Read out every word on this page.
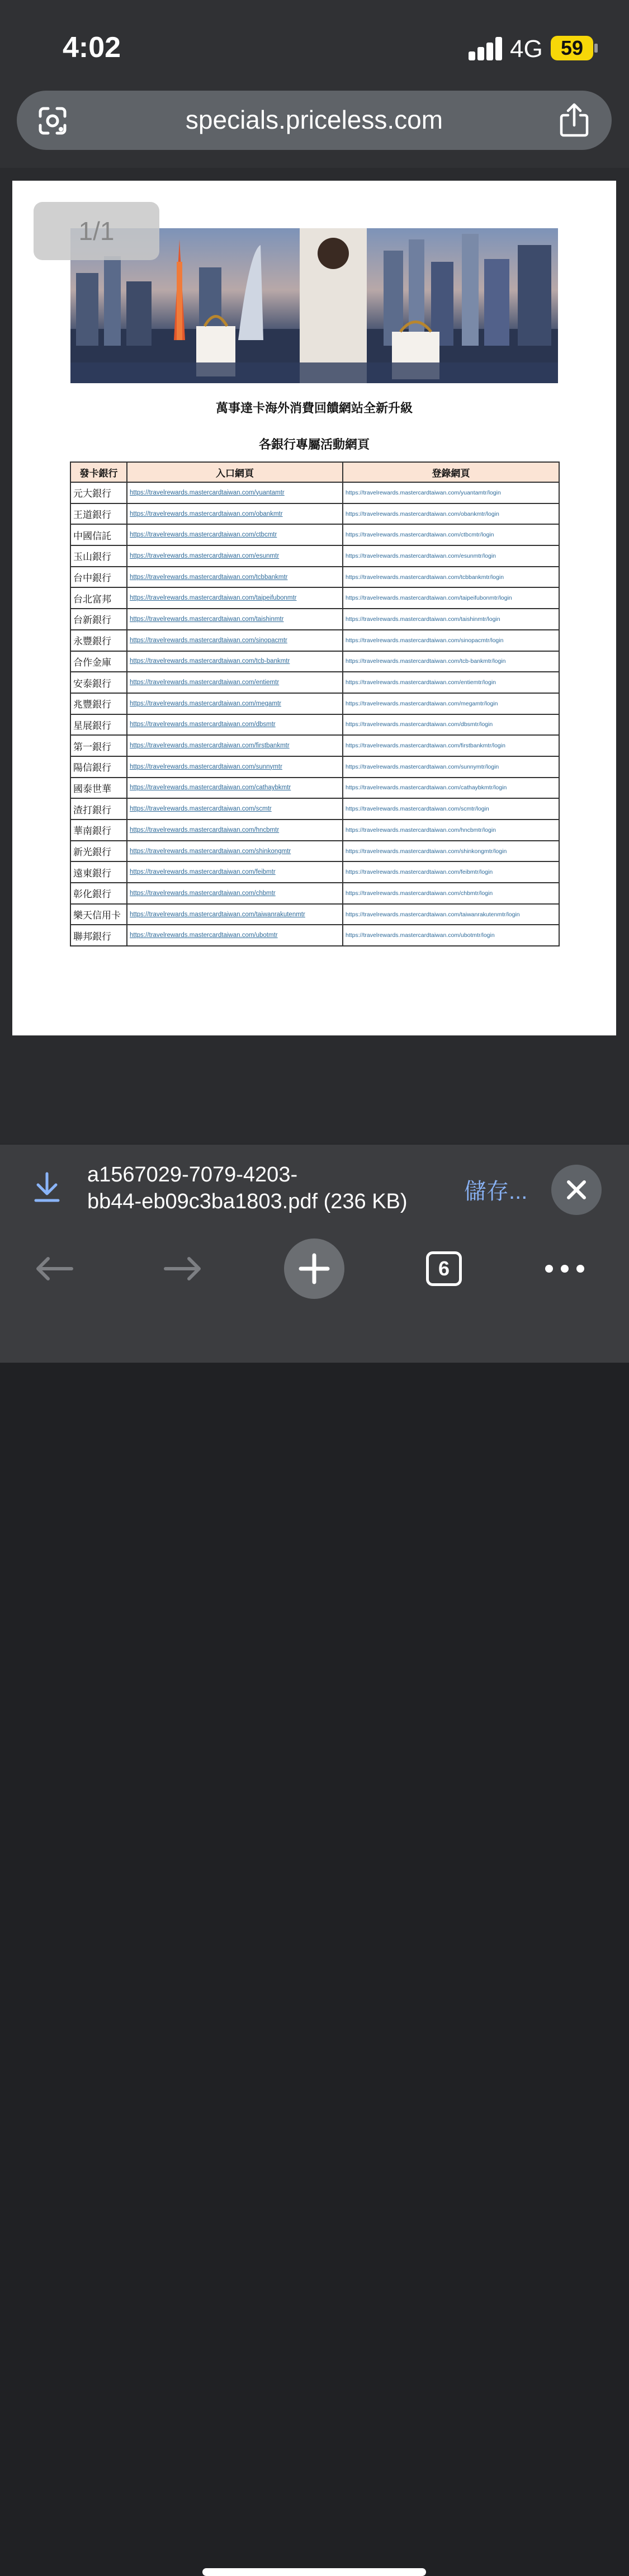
4:02	4G 59
specials.priceless.com
1/1
萬事達卡海外消費回饋網站全新升級
各銀行專屬活動網頁
發卡銀行	入口網頁	登錄網頁
元大銀行	https://travelrewards.mastercardtaiwan.com/yuantamtr	https://travelrewards.mastercardtaiwan.com/yuantamtr/login
王道銀行	https://travelrewards.mastercardtaiwan.com/obankmtr	https://travelrewards.mastercardtaiwan.com/obankmtr/login
中國信託	https://travelrewards.mastercardtaiwan.com/ctbcmtr	https://travelrewards.mastercardtaiwan.com/ctbcmtr/login
玉山銀行	https://travelrewards.mastercardtaiwan.com/esunmtr	https://travelrewards.mastercardtaiwan.com/esunmtr/login
台中銀行	https://travelrewards.mastercardtaiwan.com/tcbbankmtr	https://travelrewards.mastercardtaiwan.com/tcbbankmtr/login
台北富邦	https://travelrewards.mastercardtaiwan.com/taipeifubonmtr	https://travelrewards.mastercardtaiwan.com/taipeifubonmtr/login
台新銀行	https://travelrewards.mastercardtaiwan.com/taishinmtr	https://travelrewards.mastercardtaiwan.com/taishinmtr/login
永豐銀行	https://travelrewards.mastercardtaiwan.com/sinopacmtr	https://travelrewards.mastercardtaiwan.com/sinopacmtr/login
合作金庫	https://travelrewards.mastercardtaiwan.com/tcb-bankmtr	https://travelrewards.mastercardtaiwan.com/tcb-bankmtr/login
安泰銀行	https://travelrewards.mastercardtaiwan.com/entiemtr	https://travelrewards.mastercardtaiwan.com/entiemtr/login
兆豐銀行	https://travelrewards.mastercardtaiwan.com/megamtr	https://travelrewards.mastercardtaiwan.com/megamtr/login
星展銀行	https://travelrewards.mastercardtaiwan.com/dbsmtr	https://travelrewards.mastercardtaiwan.com/dbsmtr/login
第一銀行	https://travelrewards.mastercardtaiwan.com/firstbankmtr	https://travelrewards.mastercardtaiwan.com/firstbankmtr/login
陽信銀行	https://travelrewards.mastercardtaiwan.com/sunnymtr	https://travelrewards.mastercardtaiwan.com/sunnymtr/login
國泰世華	https://travelrewards.mastercardtaiwan.com/cathaybkmtr	https://travelrewards.mastercardtaiwan.com/cathaybkmtr/login
渣打銀行	https://travelrewards.mastercardtaiwan.com/scmtr	https://travelrewards.mastercardtaiwan.com/scmtr/login
華南銀行	https://travelrewards.mastercardtaiwan.com/hncbmtr	https://travelrewards.mastercardtaiwan.com/hncbmtr/login
新光銀行	https://travelrewards.mastercardtaiwan.com/shinkongmtr	https://travelrewards.mastercardtaiwan.com/shinkongmtr/login
遠東銀行	https://travelrewards.mastercardtaiwan.com/feibmtr	https://travelrewards.mastercardtaiwan.com/feibmtr/login
彰化銀行	https://travelrewards.mastercardtaiwan.com/chbmtr	https://travelrewards.mastercardtaiwan.com/chbmtr/login
樂天信用卡	https://travelrewards.mastercardtaiwan.com/taiwanrakutenmtr	https://travelrewards.mastercardtaiwan.com/taiwanrakutenmtr/login
聯邦銀行	https://travelrewards.mastercardtaiwan.com/ubotmtr	https://travelrewards.mastercardtaiwan.com/ubotmtr/login
a1567029-7079-4203-
bb44-eb09c3ba1803.pdf (236 KB)	儲存...
6
